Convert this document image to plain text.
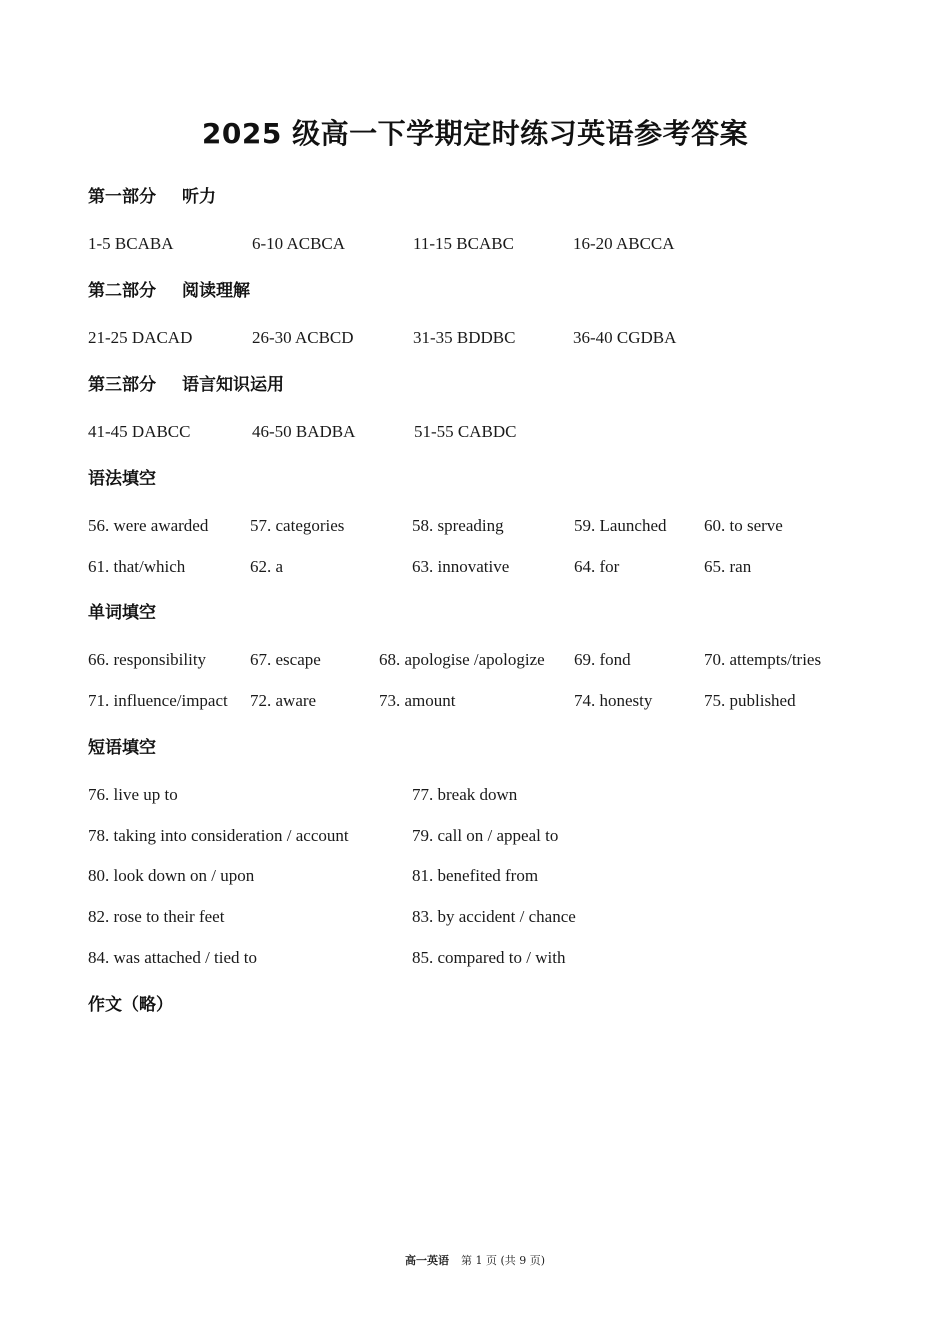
2025 级高一下学期定时练习英语参考答案
第一部分 听力
1-5 BCABA	6-10 ACBCA	11-15 BCABC	16-20 ABCCA
第二部分 阅读理解
21-25 DACAD	26-30 ACBCD	31-35 BDDBC	36-40 CGDBA
第三部分 语言知识运用
41-45 DABCC	46-50 BADBA	51-55 CABDC
语法填空
56. were awarded 57. categories	58. spreading	59. Launched 60. to serve
61. that/which	62. a	63. innovative	64. for	65. ran
单词填空
66. responsibility	67. escape	68. apologise /apologize 69. fond	70. attempts/tries
71. influence/impact 72. aware	73. amount	74. honesty	75. published
短语填空
76. live up to	77. break down
78. taking into consideration / account	79. call on / appeal to
80. look down on / upon	81. benefited from
82. rose to their feet	83. by accident / chance
84. was attached / tied to	85. compared to / with
作文（略）
高一英语 第 1 页 (共 9 页)
